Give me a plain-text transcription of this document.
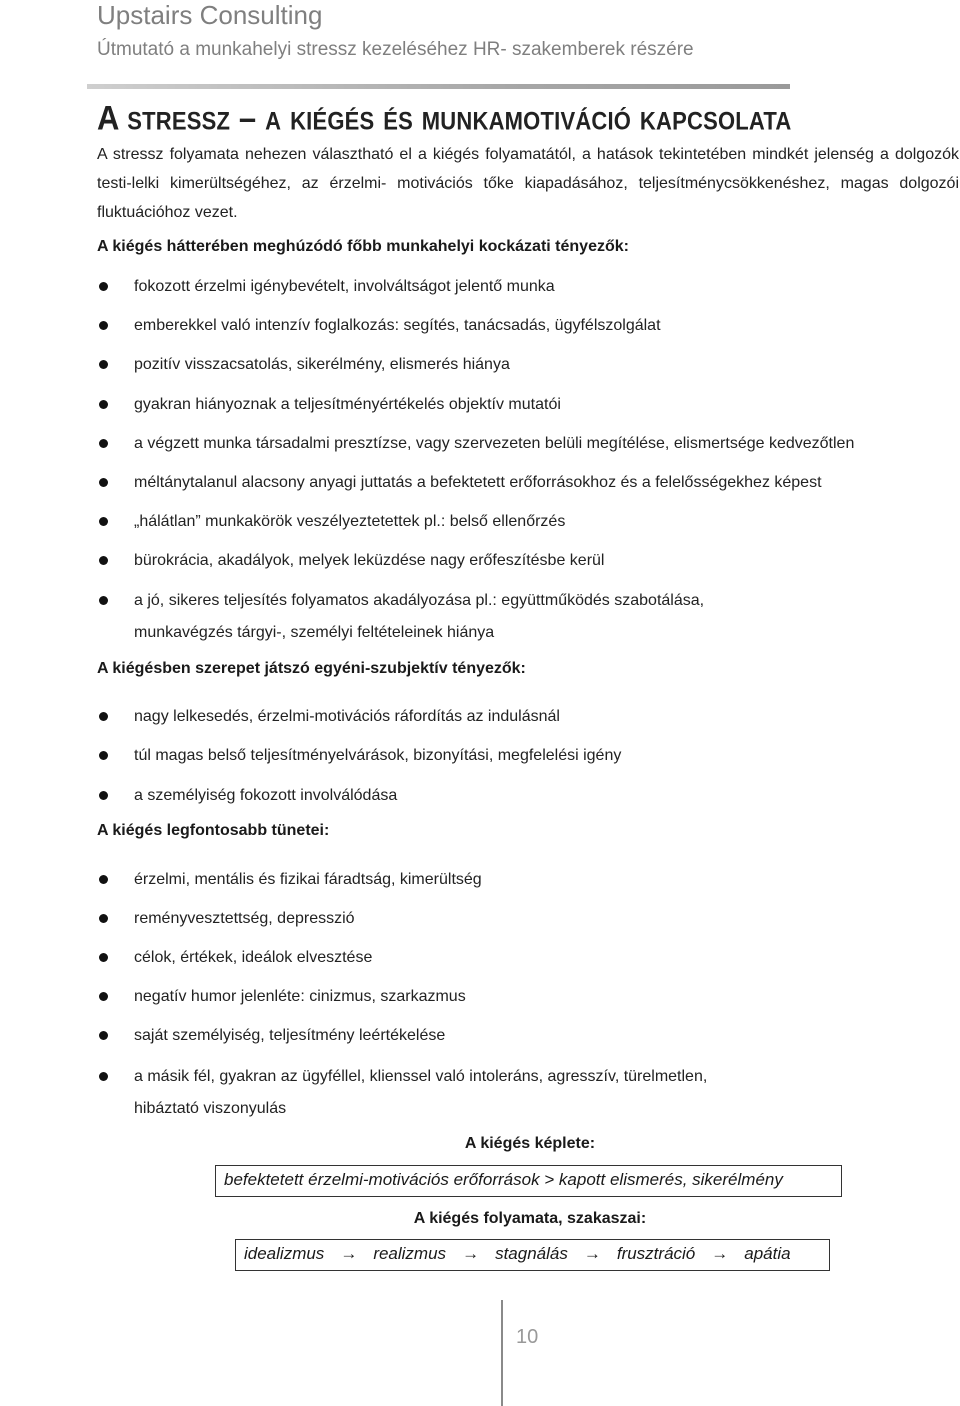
Upstairs Consulting
Útmutató a munkahelyi stressz kezeléséhez HR- szakemberek részére
A stressz – a kiégés és munkamotiváció kapcsolata
A stressz folyamata nehezen választható el a kiégés folyamatától, a hatások tekintetében mindkét jelenség a dolgozók testi-lelki kimerültségéhez, az érzelmi- motivációs tőke kiapadásához, teljesítménycsökkenéshez, magas dolgozói fluktuációhoz vezet.
A kiégés hátterében meghúzódó főbb munkahelyi kockázati tényezők:
fokozott érzelmi igénybevételt, involváltságot jelentő munka
emberekkel való intenzív foglalkozás: segítés, tanácsadás, ügyfélszolgálat
pozitív visszacsatolás, sikerélmény, elismerés hiánya
gyakran hiányoznak a teljesítményértékelés objektív mutatói
a végzett munka társadalmi presztízse, vagy szervezeten belüli megítélése, elismertsége kedvezőtlen
méltánytalanul alacsony anyagi juttatás a befektetett erőforrásokhoz és a felelősségekhez képest
„hálátlan” munkakörök veszélyeztetettek pl.: belső ellenőrzés
bürokrácia, akadályok, melyek leküzdése nagy erőfeszítésbe kerül
a jó, sikeres teljesítés folyamatos akadályozása pl.: együttműködés szabotálása,
munkavégzés tárgyi-, személyi feltételeinek hiánya
A kiégésben szerepet játszó egyéni-szubjektív tényezők:
nagy lelkesedés, érzelmi-motivációs ráfordítás az indulásnál
túl magas belső teljesítményelvárások, bizonyítási, megfelelési igény
a személyiség fokozott involválódása
A kiégés legfontosabb tünetei:
érzelmi, mentális és fizikai fáradtság, kimerültség
reményvesztettség, depresszió
célok, értékek, ideálok elvesztése
negatív humor jelenléte: cinizmus, szarkazmus
saját személyiség, teljesítmény leértékelése
a másik fél, gyakran az ügyféllel, klienssel való intoleráns, agresszív, türelmetlen,
hibáztató viszonyulás
A kiégés képlete:
befektetett érzelmi-motivációs erőforrások > kapott elismerés, sikerélmény
A kiégés folyamata, szakaszai:
idealizmus → realizmus → stagnálás → frusztráció → apátia
10
